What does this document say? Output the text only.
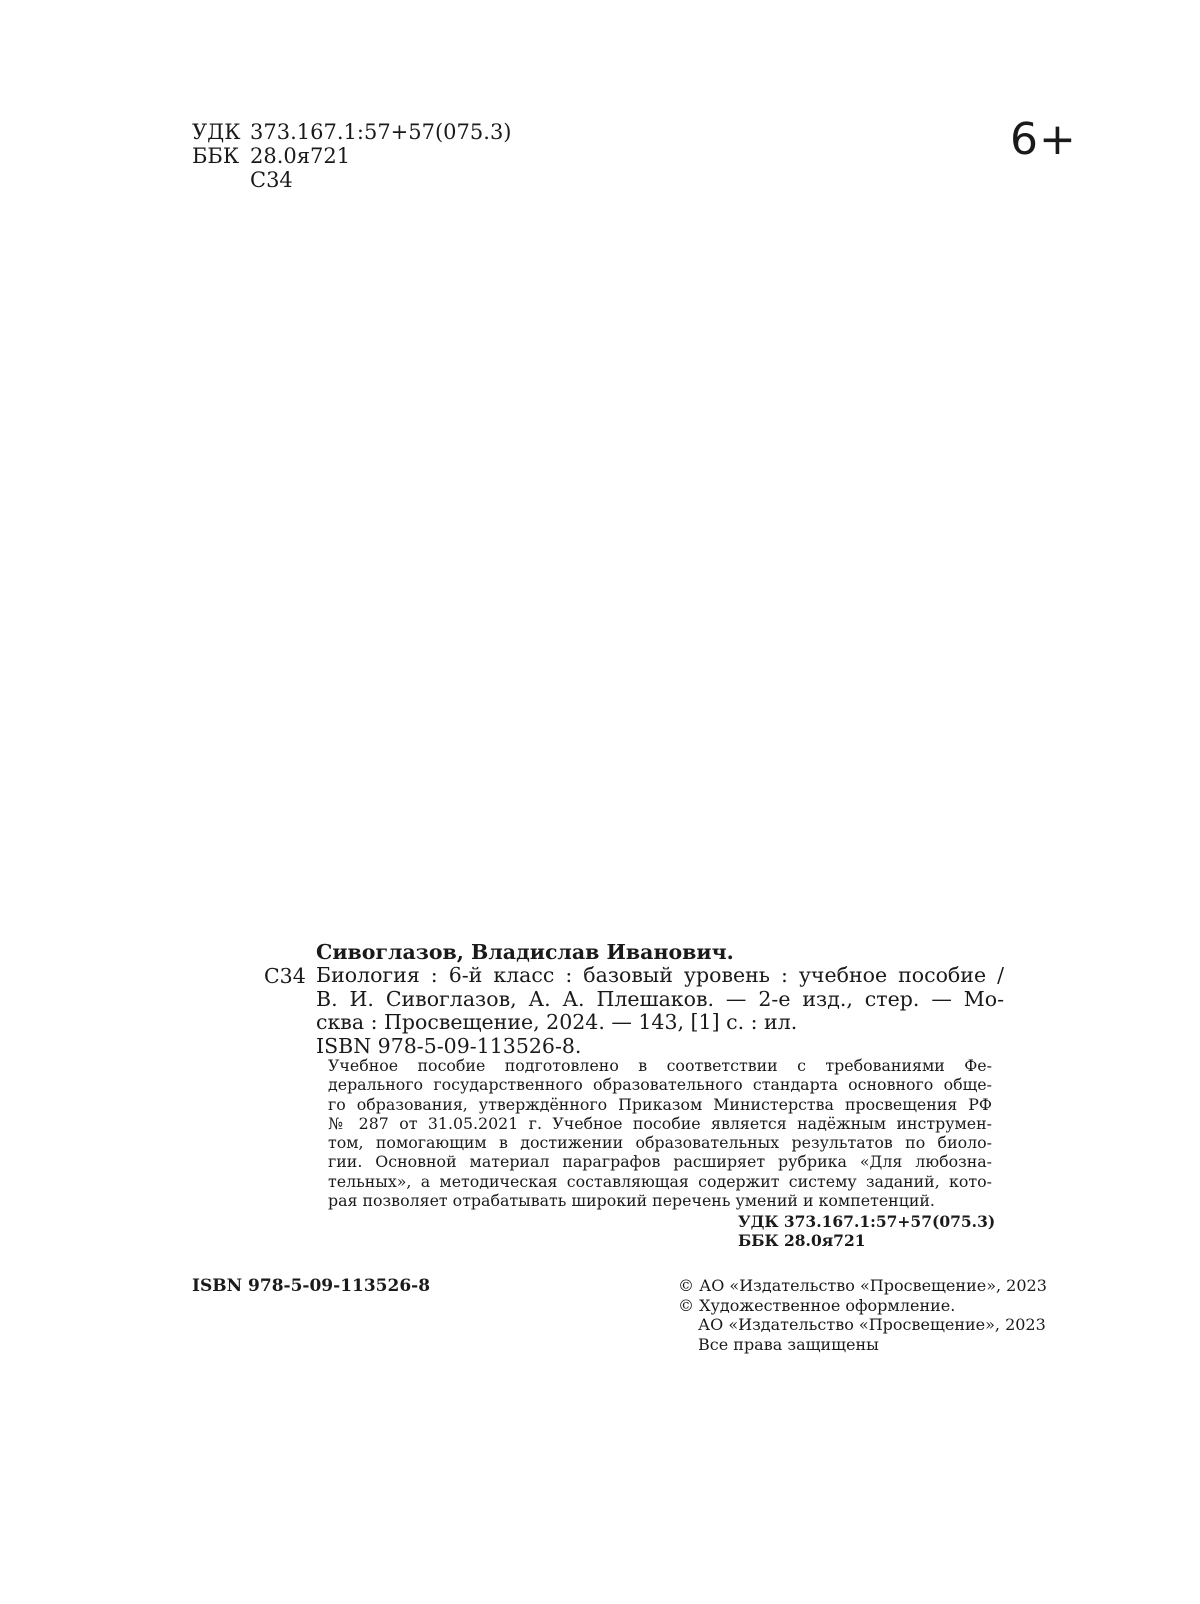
УДК 373.167.1:57+57(075.3)
ББК 28.0я721
С34
6+
Сивоглазов, Владислав Иванович.
С34 Биология : 6-й класс : базовый уровень : учебное пособие /
В. И. Сивоглазов, А. А. Плешаков. — 2-е изд., стер. — Мо-
сква : Просвещение, 2024. — 143, [1] с. : ил.
ISBN 978-5-09-113526-8.
Учебное пособие подготовлено в соответствии с требованиями Фе-
дерального государственного образовательного стандарта основного обще-
го образования, утверждённого Приказом Министерства просвещения РФ
№ 287 от 31.05.2021 г. Учебное пособие является надёжным инструмен-
том, помогающим в достижении образовательных результатов по биоло-
гии. Основной материал параграфов расширяет рубрика «Для любозна-
тельных», а методическая составляющая содержит систему заданий, кото-
рая позволяет отрабатывать широкий перечень умений и компетенций.
УДК 373.167.1:57+57(075.3)
ББК 28.0я721
ISBN 978-5-09-113526-8	© АО «Издательство «Просвещение», 2023
© Художественное оформление.
АО «Издательство «Просвещение», 2023
Все права защищены
